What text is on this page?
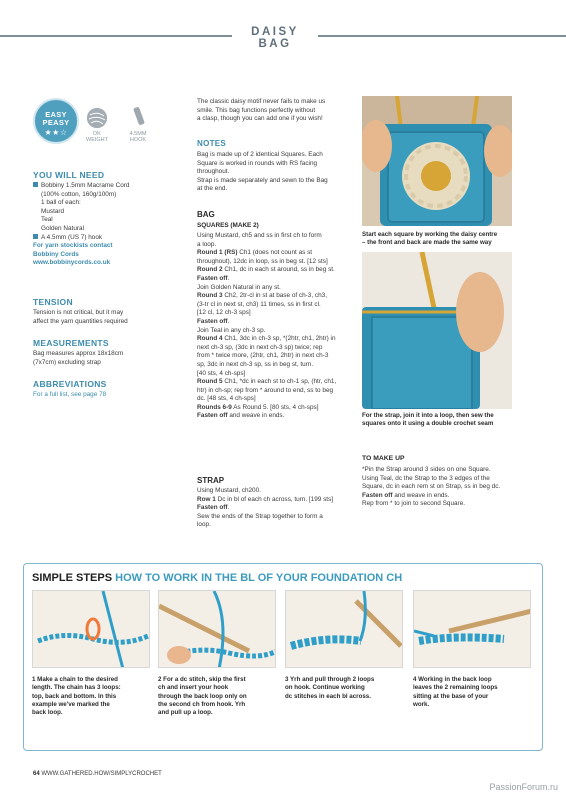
DAISY BAG
EASY PEASY
★★☆	DK
WEIGHT
4.5MM
HOOK
YOU WILL NEED
Bobbiny 1.5mm Macrame Cord
(100% cotton, 160g/100m)
1 ball of each:
Mustard
Teal
Golden Natural
A 4.5mm (US 7) hook
For yarn stockists contact
Bobbiny Cords
www.bobbinycords.co.uk
TENSION
Tension is not critical, but it may
affect the yarn quantities required
MEASUREMENTS
Bag measures approx 18x18cm
(7x7cm) excluding strap
ABBREVIATIONS
For a full list, see page 78
The classic daisy motif never fails to make us
smile. This bag functions perfectly without
a clasp, though you can add one if you wish!
NOTES
Bag is made up of 2 identical Squares. Each
Square is worked in rounds with RS facing
throughout.
Strap is made separately and sewn to the Bag
at the end.
BAG
SQUARES (MAKE 2)
Using Mustard, ch5 and ss in first ch to form
a loop.
Round 1 (RS) Ch1 (does not count as st
throughout), 12dc in loop, ss in beg st. [12 sts]
Round 2 Ch1, dc in each st around, ss in beg st.
Fasten off.
Join Golden Natural in any st.
Round 3 Ch2, 2tr-cl in st at base of ch-3, ch3,
(3-tr cl in next st, ch3) 11 times, ss in first cl.
[12 cl, 12 ch-3 sps]
Fasten off.
Join Teal in any ch-3 sp.
Round 4 Ch1, 3dc in ch-3 sp, *(2htr, ch1, 2htr) in
next ch-3 sp, (3dc in next ch-3 sp) twice; rep
from * twice more, (2htr, ch1, 2htr) in next ch-3
sp, 3dc in next ch-3 sp, ss in beg st, turn.
[40 sts, 4 ch-sps]
Round 5 Ch1, *dc in each st to ch-1 sp, (htr, ch1,
htr) in ch-sp; rep from * around to end, ss to beg
dc. [48 sts, 4 ch-sps]
Rounds 6-9 As Round 5. [80 sts, 4 ch-sps]
Fasten off and weave in ends.
STRAP
Using Mustard, ch200.
Row 1 Dc in bl of each ch across, turn. [199 sts]
Fasten off.
Sew the ends of the Strap together to form a
loop.
Start each square by working the daisy centre
– the front and back are made the same way
For the strap, join it into a loop, then sew the
squares onto it using a double crochet seam
TO MAKE UP
*Pin the Strap around 3 sides on one Square.
Using Teal, dc the Strap to the 3 edges of the
Square, dc in each rem st on Strap, ss in beg dc.
Fasten off and weave in ends.
Rep from * to join to second Square.
SIMPLE STEPS HOW TO WORK IN THE BL OF YOUR FOUNDATION CH
1 Make a chain to the desired
length. The chain has 3 loops:
top, back and bottom. In this
example we've marked the
back loop.
2 For a dc stitch, skip the first
ch and insert your hook
through the back loop only on
the second ch from hook. Yrh
and pull up a loop.
3 Yrh and pull through 2 loops
on hook. Continue working
dc stitches in each bl across.
4 Working in the back loop
leaves the 2 remaining loops
sitting at the base of your
work.
64 WWW.GATHERED.HOW/SIMPLYCROCHET
PassionForum.ru
